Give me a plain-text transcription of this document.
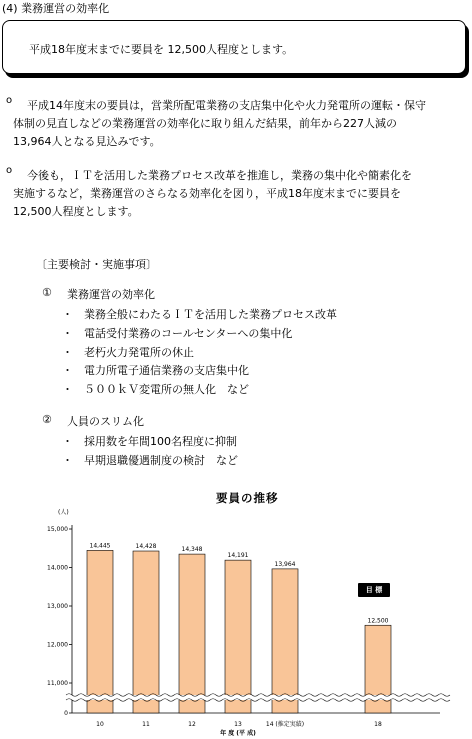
(4) 業務運営の効率化
平成18年度末までに要員を 12,500人程度とします。
o 平成14年度末の要員は，営業所配電業務の支店集中化や火力発電所の運転・保守
体制の見直しなどの業務運営の効率化に取り組んだ結果，前年から227人減の
13,964人となる見込みです。
o 今後も，ＩＴを活用した業務プロセス改革を推進し，業務の集中化や簡素化を
実施するなど，業務運営のさらなる効率化を図り，平成18年度末までに要員を
12,500人程度とします。
〔主要検討・実施事項〕
① 業務運営の効率化
・ 業務全般にわたるＩＴを活用した業務プロセス改革
・ 電話受付業務のコールセンターへの集中化
・ 老朽火力発電所の休止
・ 電力所電子通信業務の支店集中化
・ ５００ｋＶ変電所の無人化　など
② 人員のスリム化
・ 採用数を年間100名程度に抑制
・ 早期退職優遇制度の検討　など
要員の推移
(人)
15,000
14,000
13,000
12,000
11,000
0
14,445
10
14,428
11
14,348
12
14,191
13
13,964
14 (推定実績)
12,500
18
年 度 (平 成)
目 標
